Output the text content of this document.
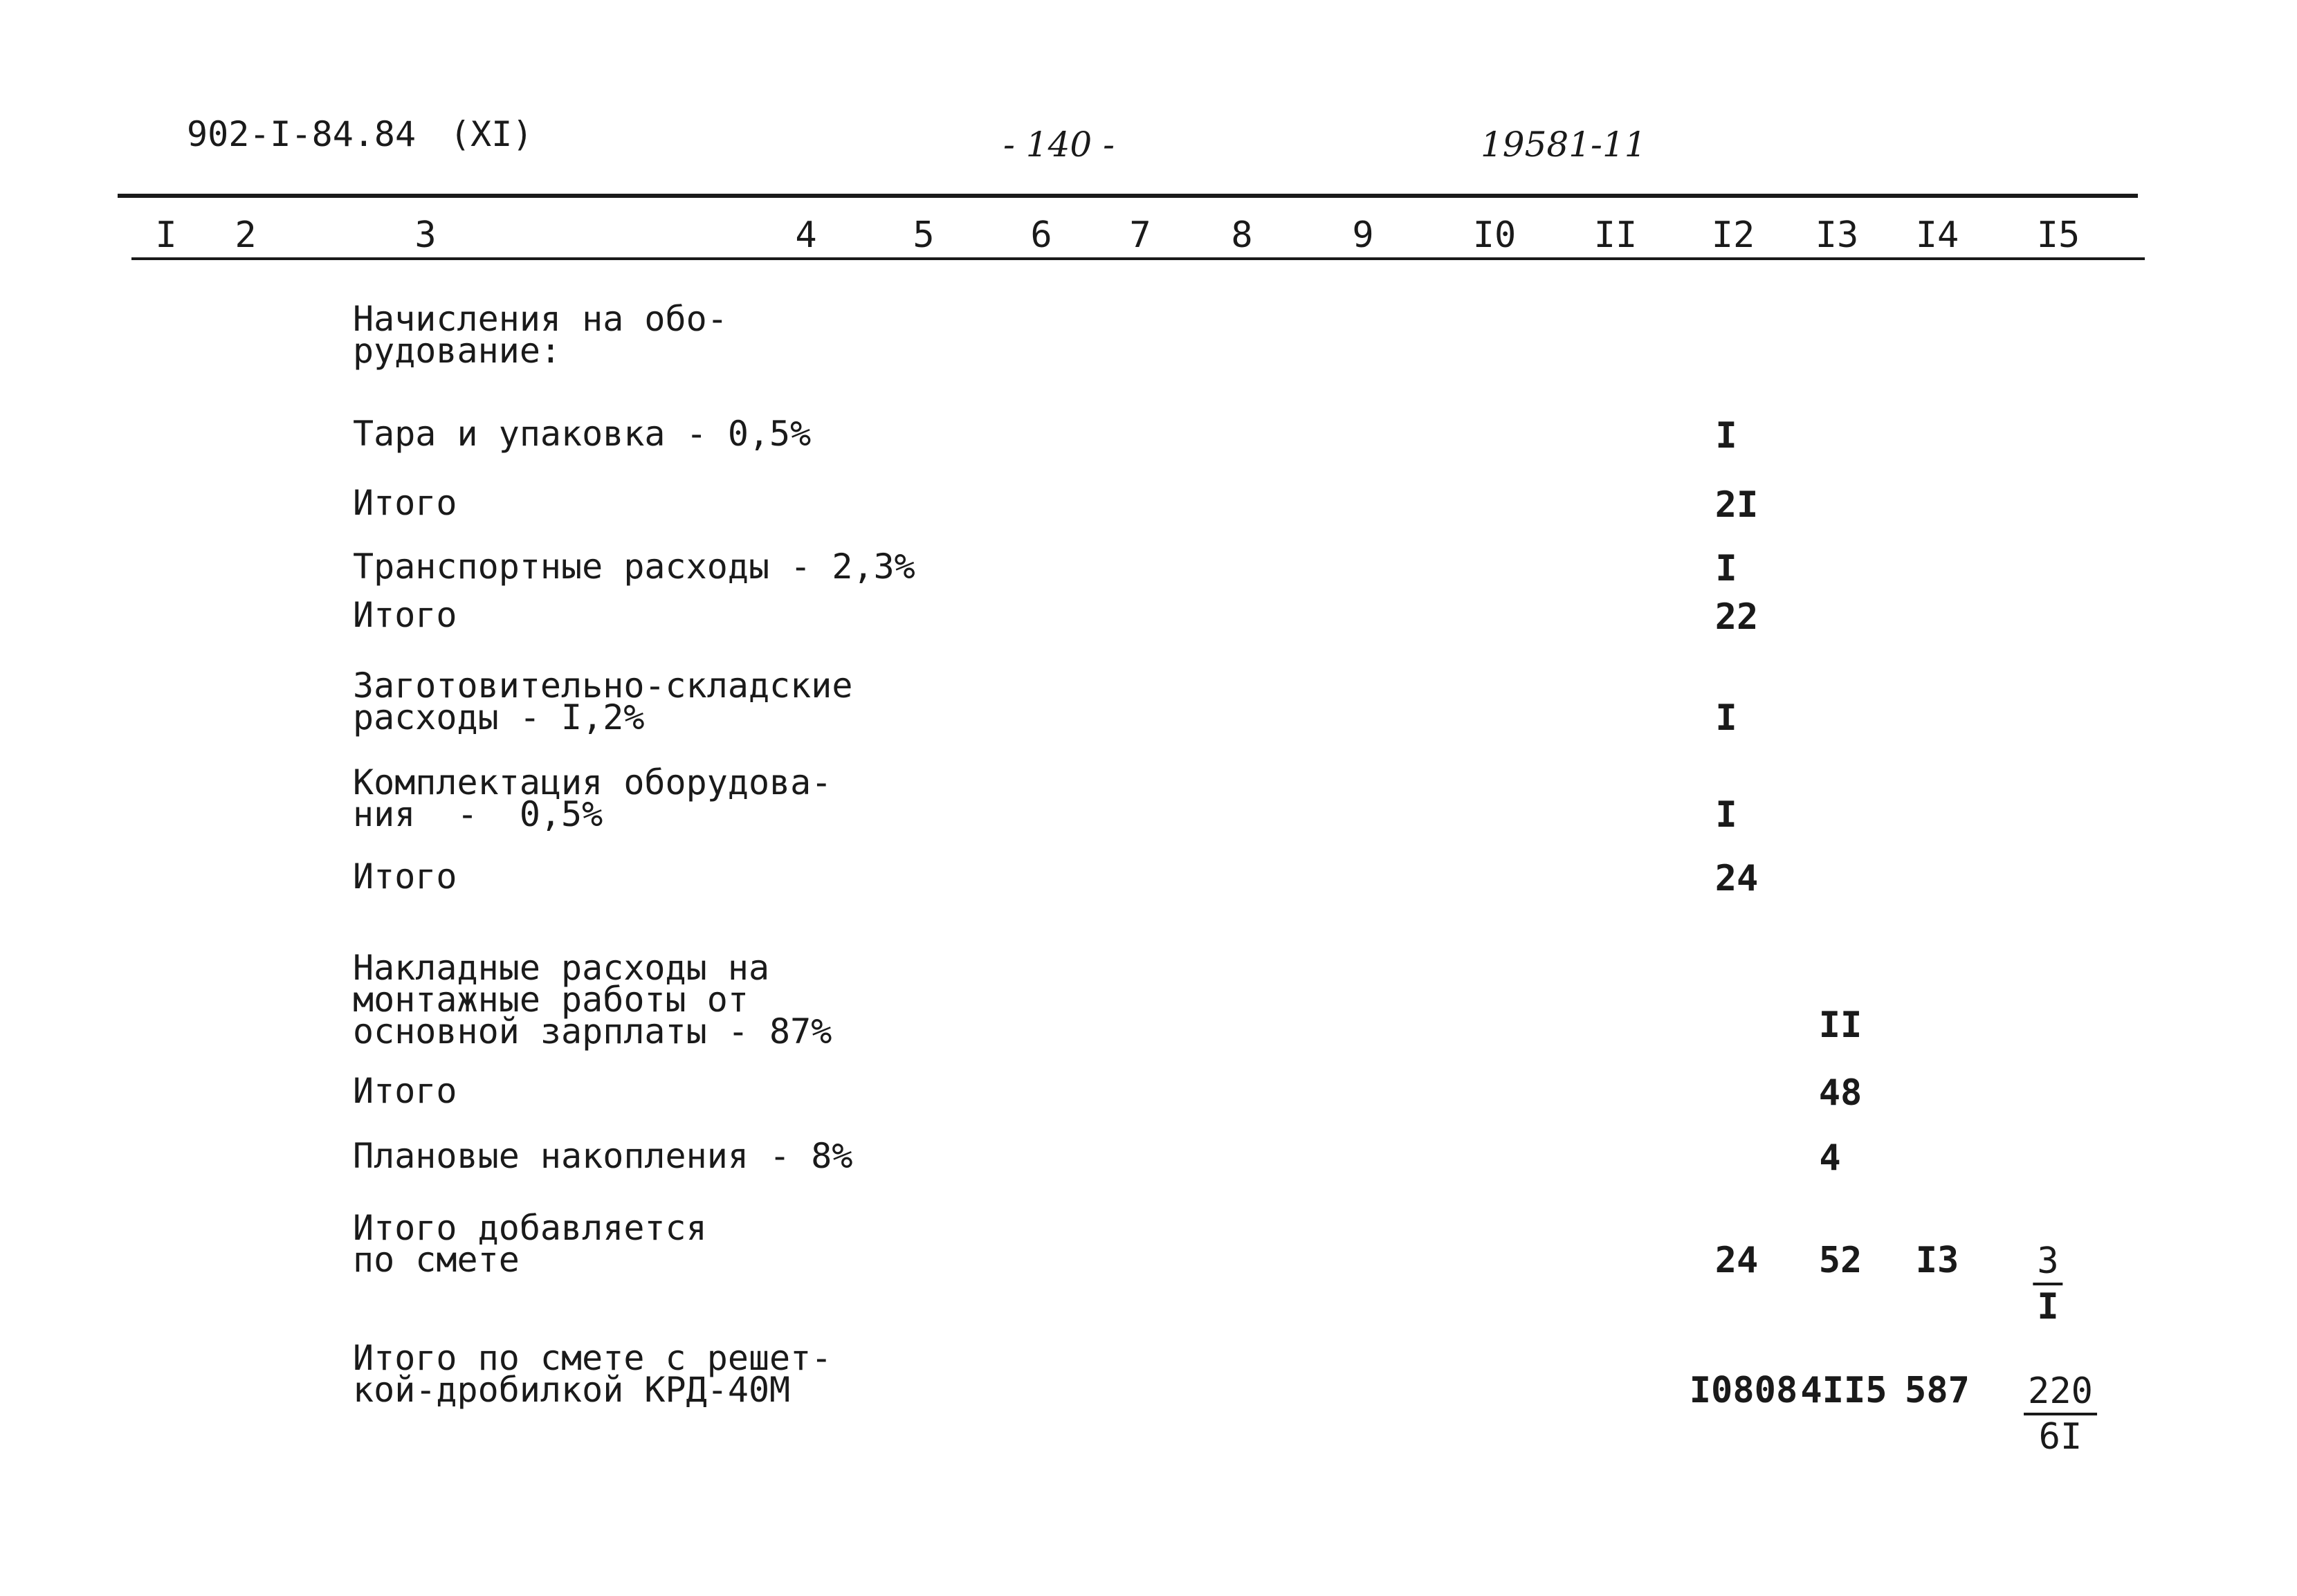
902-I-84.84 (XI)	- 140 -	19581-11
I 2	3	4	5	6 7 8	9	I0 II I2 I3 I4 I5
Начисления на обо-
рудование:
Тара и упаковка - 0,5%	I
Итого	2I
Транспортные расходы - 2,3%	I
Итого	22
Заготовительно-складские
расходы - I,2%	I
Комплектация оборудова-
ния  -  0,5%	I
Итого	24
Накладные расходы на
монтажные работы от
основной зарплаты - 87%	II
Итого	48
Плановые накопления - 8%	4
Итого добавляется
по смете	24 52 $I3 \frac{3}{I}$
Итого по смете с решет-
кой-дробилкой КРД-40М	I0808 4II5 $587 \frac{220}{6I}$
